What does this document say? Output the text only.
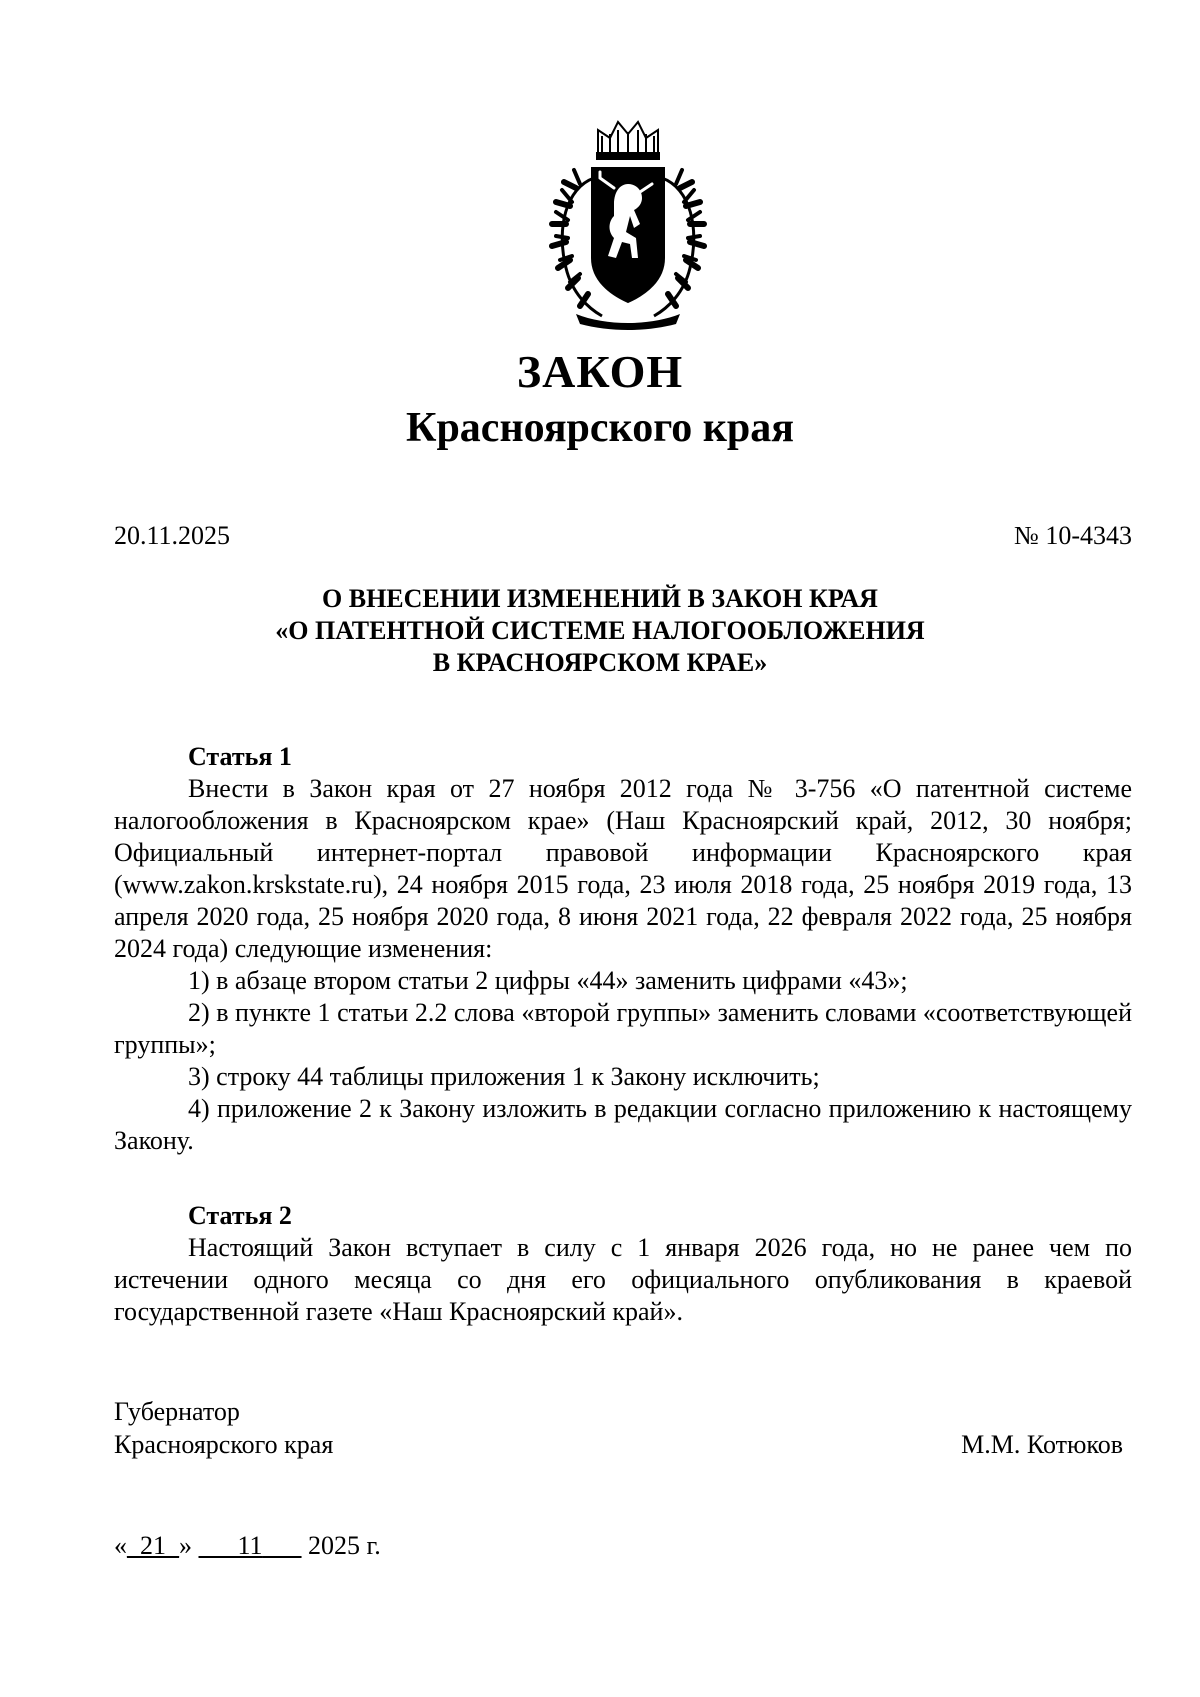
ЗАКОН
Красноярского края
20.11.2025	№ 10-4343
О ВНЕСЕНИИ ИЗМЕНЕНИЙ В ЗАКОН КРАЯ
«О ПАТЕНТНОЙ СИСТЕМЕ НАЛОГООБЛОЖЕНИЯ
В КРАСНОЯРСКОМ КРАЕ»
Статья 1

Внести в Закон края от 27 ноября 2012 года № 3-756 «О патентной системе налогообложения в Красноярском крае» (Наш Красноярский край, 2012, 30 ноября; Официальный интернет-портал правовой информации Красноярского края (www.zakon.krskstate.ru), 24 ноября 2015 года, 23 июля 2018 года, 25 ноября 2019 года, 13 апреля 2020 года, 25 ноября 2020 года, 8 июня 2021 года, 22 февраля 2022 года, 25 ноября 2024 года) следующие изменения:

1) в абзаце втором статьи 2 цифры «44» заменить цифрами «43»;

2) в пункте 1 статьи 2.2 слова «второй группы» заменить словами «соответствующей группы»;

3) строку 44 таблицы приложения 1 к Закону исключить;

4) приложение 2 к Закону изложить в редакции согласно приложению к настоящему Закону.

Статья 2

Настоящий Закон вступает в силу с 1 января 2026 года, но не ранее чем по истечении одного месяца со дня его официального опубликования в краевой государственной газете «Наш Красноярский край».

Губернатор
Красноярского края	М.М. Котюков
«_21_» 11 2025 г.
